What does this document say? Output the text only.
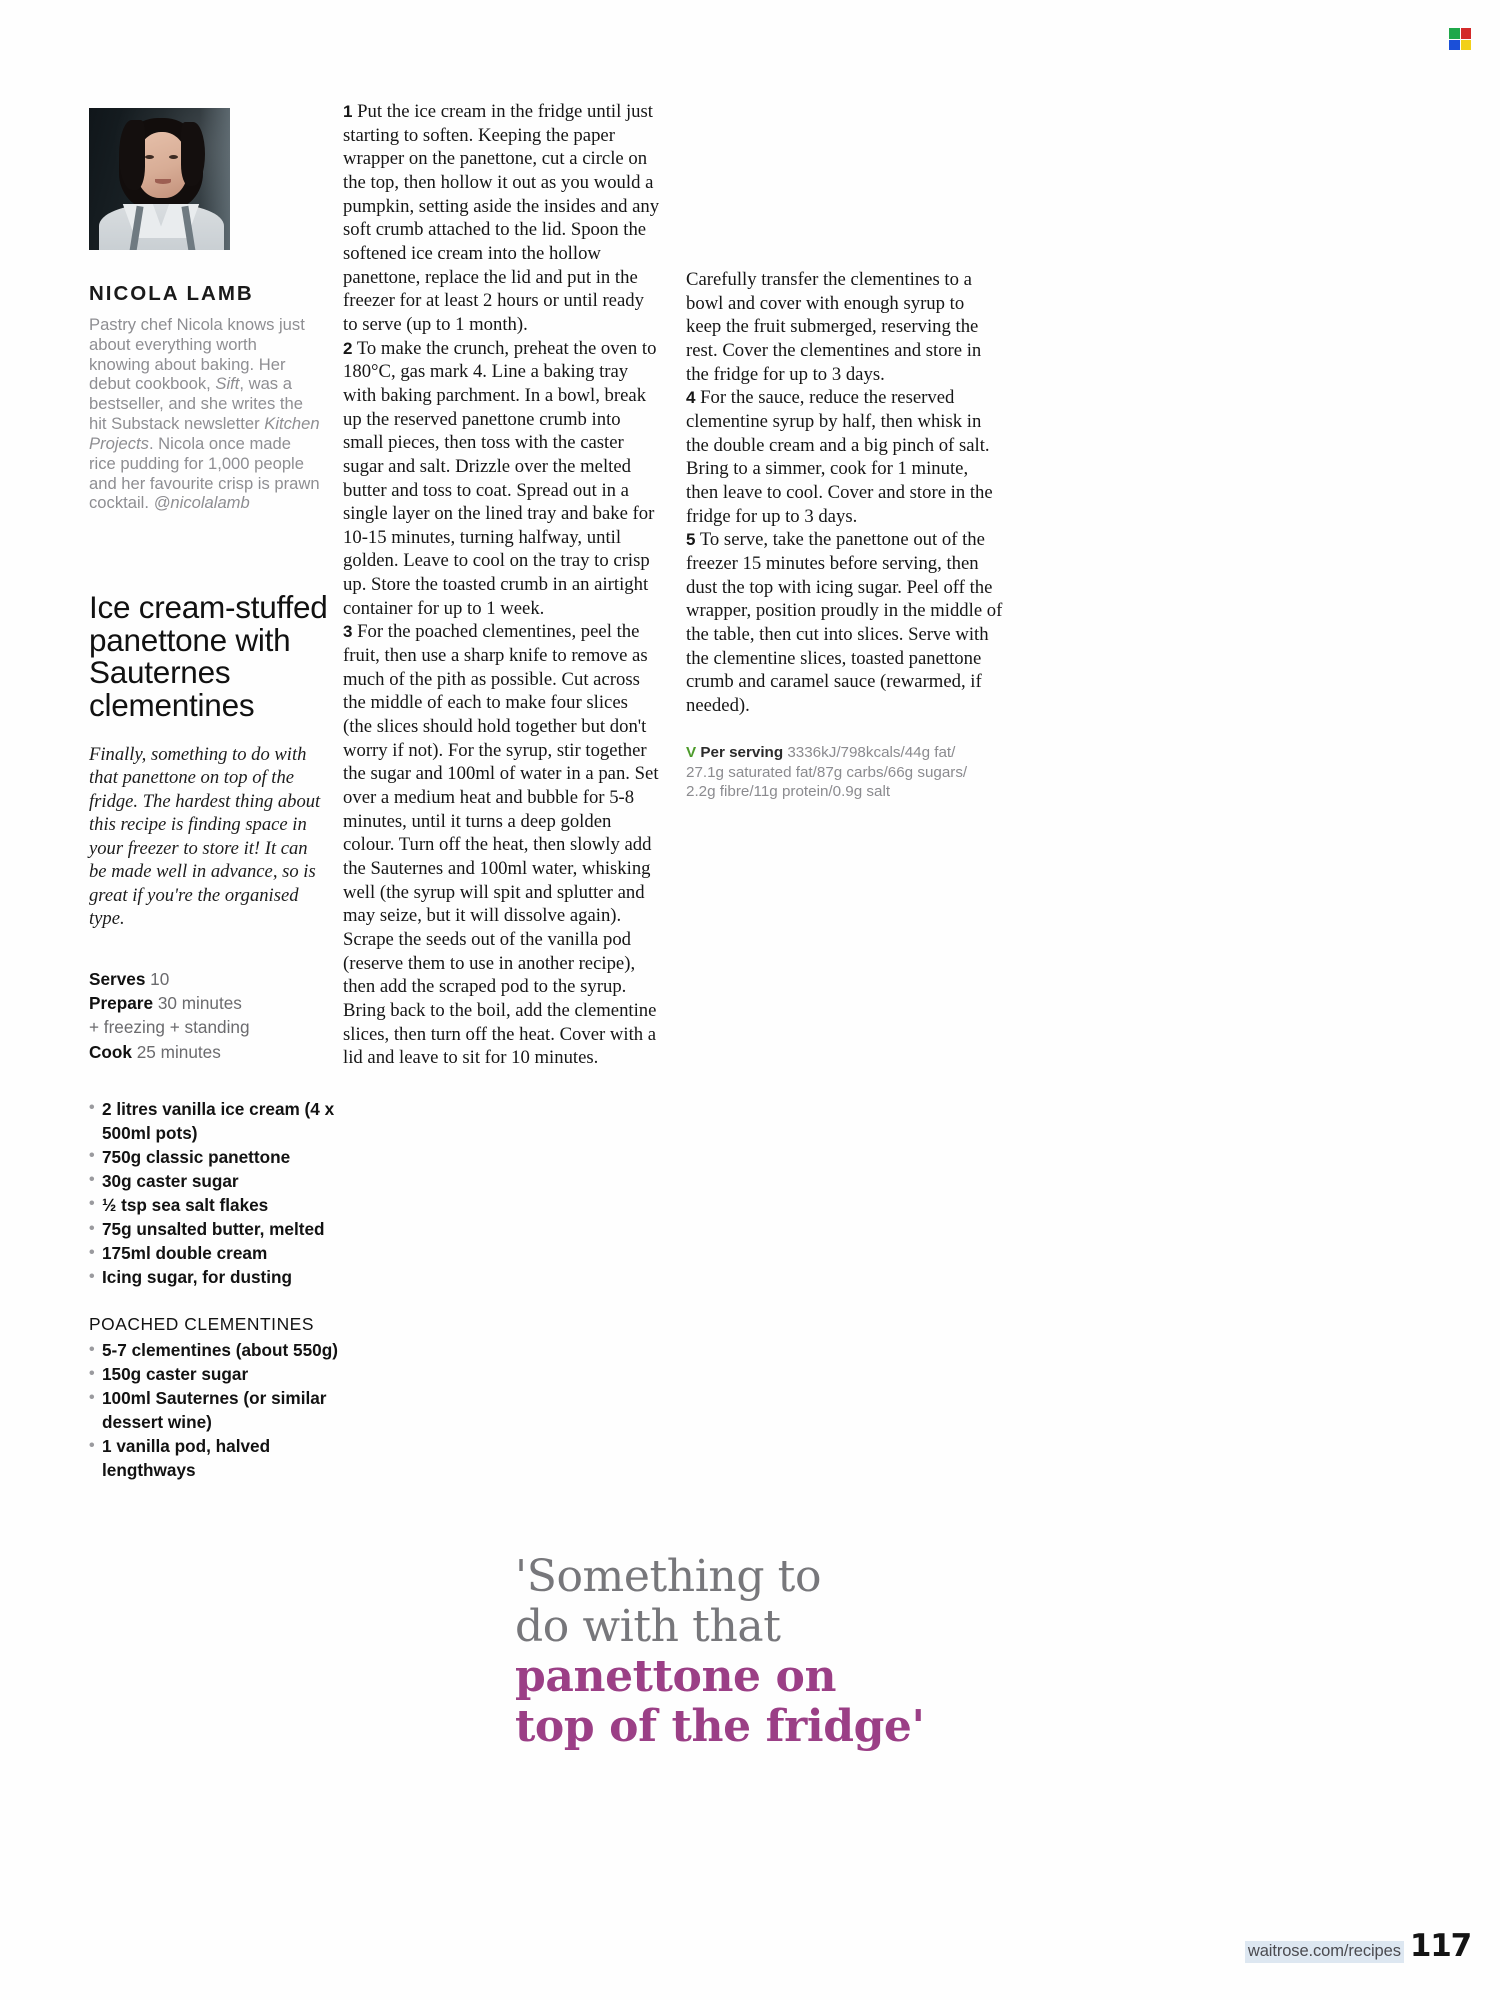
NICOLA LAMB
Pastry chef Nicola knows just about everything worth knowing about baking. Her debut cookbook, Sift, was a bestseller, and she writes the hit Substack newsletter Kitchen Projects. Nicola once made rice pudding for 1,000 people and her favourite crisp is prawn cocktail. @nicolalamb
Ice cream-stuffed panettone with Sauternes clementines
Finally, something to do with that panettone on top of the fridge. The hardest thing about this recipe is finding space in your freezer to store it! It can be made well in advance, so is great if you're the organised type.
Serves 10
Prepare 30 minutes
+ freezing + standing
Cook 25 minutes
• 2 litres vanilla ice cream (4 x 500ml pots)
• 750g classic panettone
• 30g caster sugar
• ½ tsp sea salt flakes
• 75g unsalted butter, melted
• 175ml double cream
• Icing sugar, for dusting
POACHED CLEMENTINES
• 5-7 clementines (about 550g)
• 150g caster sugar
• 100ml Sauternes (or similar dessert wine)
• 1 vanilla pod, halved lengthways

1 Put the ice cream in the fridge until just starting to soften. Keeping the paper wrapper on the panettone, cut a circle on the top, then hollow it out as you would a pumpkin, setting aside the insides and any soft crumb attached to the lid. Spoon the softened ice cream into the hollow panettone, replace the lid and put in the freezer for at least 2 hours or until ready to serve (up to 1 month).

2 To make the crunch, preheat the oven to 180°C, gas mark 4. Line a baking tray with baking parchment. In a bowl, break up the reserved panettone crumb into small pieces, then toss with the caster sugar and salt. Drizzle over the melted butter and toss to coat. Spread out in a single layer on the lined tray and bake for 10-15 minutes, turning halfway, until golden. Leave to cool on the tray to crisp up. Store the toasted crumb in an airtight container for up to 1 week.

3 For the poached clementines, peel the fruit, then use a sharp knife to remove as much of the pith as possible. Cut across the middle of each to make four slices (the slices should hold together but don't worry if not). For the syrup, stir together the sugar and 100ml of water in a pan. Set over a medium heat and bubble for 5-8 minutes, until it turns a deep golden colour. Turn off the heat, then slowly add the Sauternes and 100ml water, whisking well (the syrup will spit and splutter and may seize, but it will dissolve again). Scrape the seeds out of the vanilla pod (reserve them to use in another recipe), then add the scraped pod to the syrup. Bring back to the boil, add the clementine slices, then turn off the heat. Cover with a lid and leave to sit for 10 minutes.

Carefully transfer the clementines to a bowl and cover with enough syrup to keep the fruit submerged, reserving the rest. Cover the clementines and store in the fridge for up to 3 days.

4 For the sauce, reduce the reserved clementine syrup by half, then whisk in the double cream and a big pinch of salt. Bring to a simmer, cook for 1 minute, then leave to cool. Cover and store in the fridge for up to 3 days.

5 To serve, take the panettone out of the freezer 15 minutes before serving, then dust the top with icing sugar. Peel off the wrapper, position proudly in the middle of the table, then cut into slices. Serve with the clementine slices, toasted panettone crumb and caramel sauce (rewarmed, if needed).

V Per serving 3336kJ/798kcals/44g fat/ 27.1g saturated fat/87g carbs/66g sugars/ 2.2g fibre/11g protein/0.9g salt
'Something to
do with that
panettone on
top of the fridge'
waitrose.com/recipes 117
